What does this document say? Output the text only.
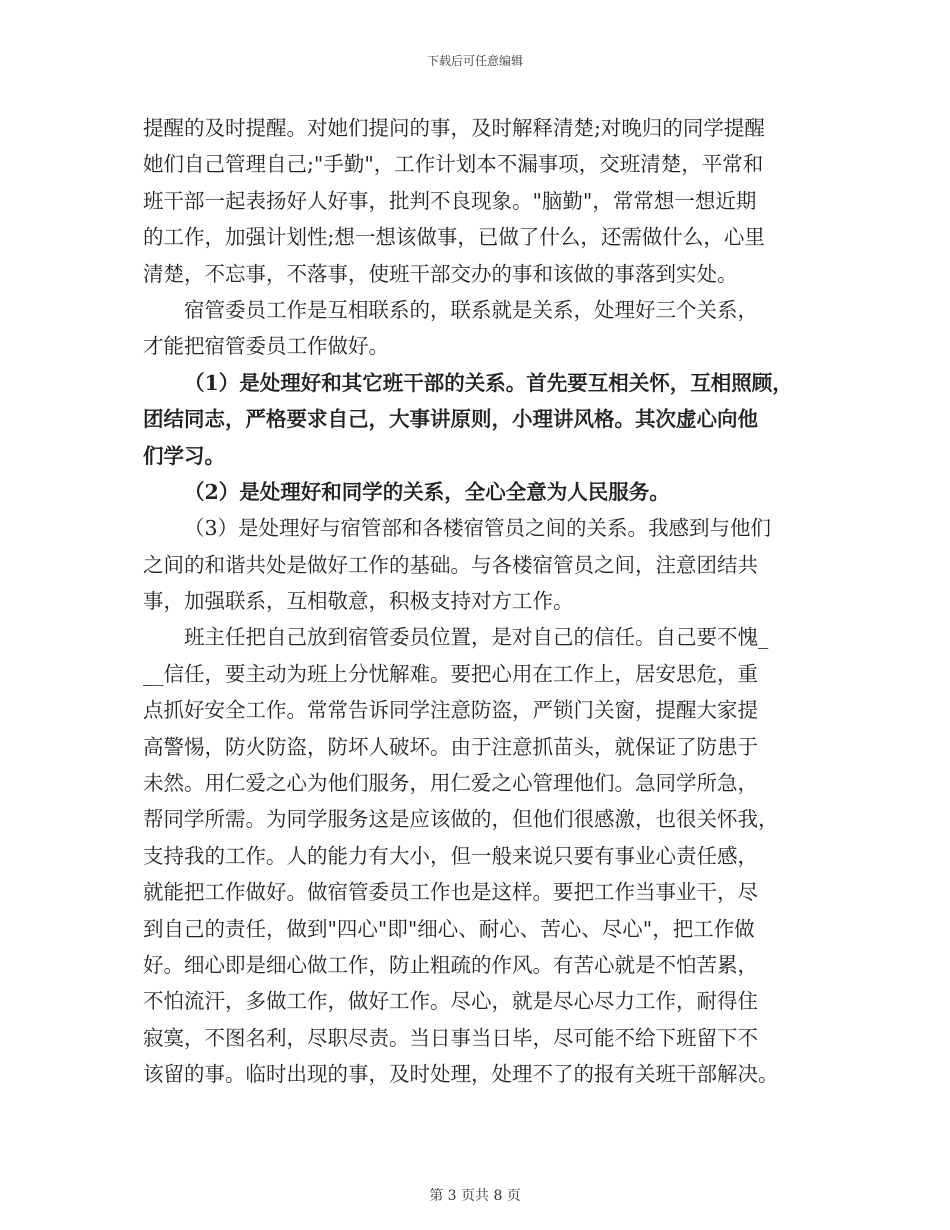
下载后可任意编辑
提醒的及时提醒。对她们提问的事，及时解释清楚;对晚归的同学提醒
她们自己管理自己;"手勤"，工作计划本不漏事项，交班清楚，平常和
班干部一起表扬好人好事，批判不良现象。"脑勤"，常常想一想近期
的工作，加强计划性;想一想该做事，已做了什么，还需做什么，心里
清楚，不忘事，不落事，使班干部交办的事和该做的事落到实处。
宿管委员工作是互相联系的，联系就是关系，处理好三个关系，
才能把宿管委员工作做好。
（1）是处理好和其它班干部的关系。首先要互相关怀，互相照顾，
团结同志，严格要求自己，大事讲原则，小理讲风格。其次虚心向他
们学习。
（2）是处理好和同学的关系，全心全意为人民服务。
（3）是处理好与宿管部和各楼宿管员之间的关系。我感到与他们
之间的和谐共处是做好工作的基础。与各楼宿管员之间，注意团结共
事，加强联系，互相敬意，积极支持对方工作。
班主任把自己放到宿管委员位置，是对自己的信任。自己要不愧_
__信任，要主动为班上分忧解难。要把心用在工作上，居安思危，重
点抓好安全工作。常常告诉同学注意防盗，严锁门关窗，提醒大家提
高警惕，防火防盗，防坏人破坏。由于注意抓苗头，就保证了防患于
未然。用仁爱之心为他们服务，用仁爱之心管理他们。急同学所急，
帮同学所需。为同学服务这是应该做的，但他们很感激，也很关怀我，
支持我的工作。人的能力有大小，但一般来说只要有事业心责任感，
就能把工作做好。做宿管委员工作也是这样。要把工作当事业干，尽
到自己的责任，做到"四心"即"细心、耐心、苦心、尽心"，把工作做
好。细心即是细心做工作，防止粗疏的作风。有苦心就是不怕苦累，
不怕流汗，多做工作，做好工作。尽心，就是尽心尽力工作，耐得住
寂寞，不图名利，尽职尽责。当日事当日毕，尽可能不给下班留下不
该留的事。临时出现的事，及时处理，处理不了的报有关班干部解决。
第 3 页共 8 页
